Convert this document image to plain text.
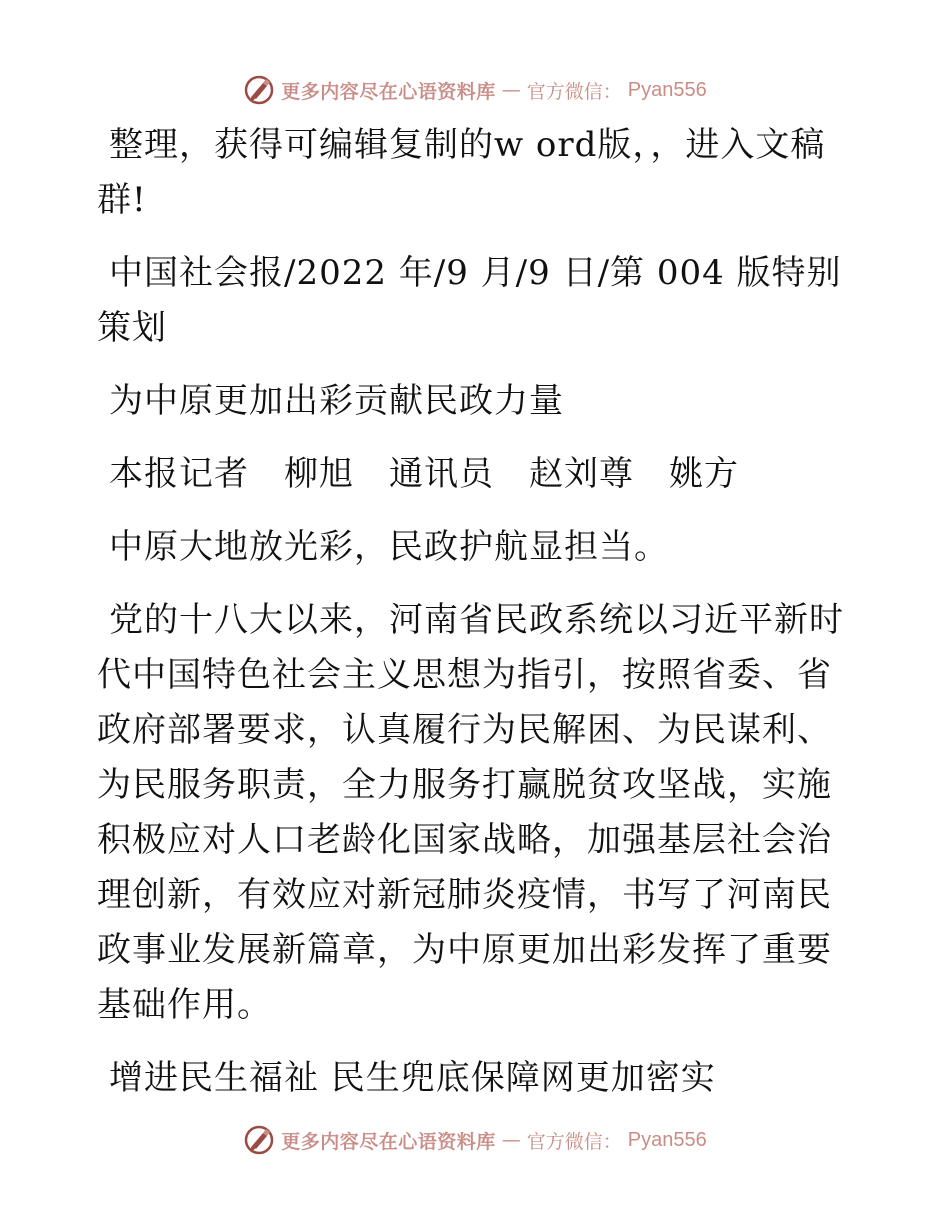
更多内容尽在心语资料库 — 官方微信： Pyan556

整理，获得可编辑复制的w ord版，，进入文稿群!

中国社会报/2022 年/9 月/9 日/第 004 版特别策划

为中原更加出彩贡献民政力量

本报记者　柳旭　通讯员　赵刘尊　姚方

中原大地放光彩，民政护航显担当。

党的十八大以来，河南省民政系统以习近平新时代中国特色社会主义思想为指引，按照省委、省政府部署要求，认真履行为民解困、为民谋利、为民服务职责，全力服务打赢脱贫攻坚战，实施积极应对人口老龄化国家战略，加强基层社会治理创新，有效应对新冠肺炎疫情，书写了河南民政事业发展新篇章，为中原更加出彩发挥了重要基础作用。

增进民生福祉 民生兜底保障网更加密实

更多内容尽在心语资料库 — 官方微信： Pyan556
